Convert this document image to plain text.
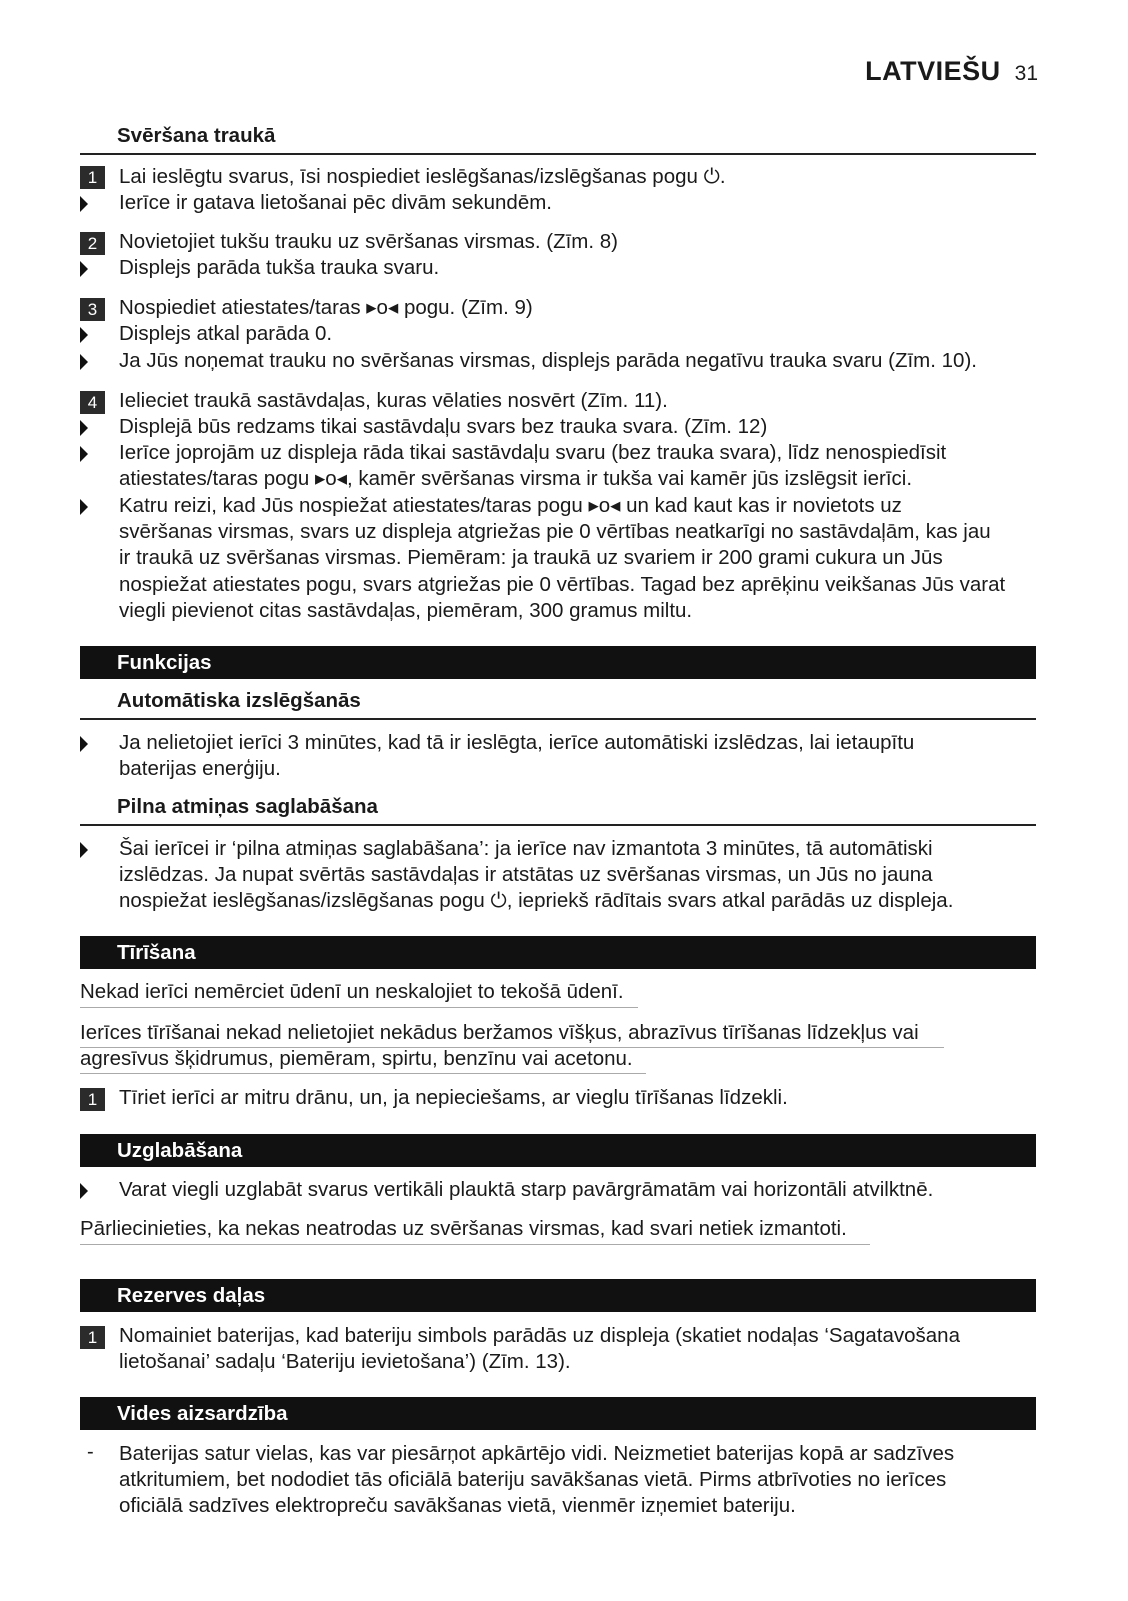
LATVIEŠU 31
Svēršana traukā
1	Lai ieslēgtu svarus, īsi nospiediet ieslēgšanas/izslēgšanas pogu ⏻.
Ierīce ir gatava lietošanai pēc divām sekundēm.
2	Novietojiet tukšu trauku uz svēršanas virsmas. (Zīm. 8)
Displejs parāda tukša trauka svaru.
3	Nospiediet atiestates/taras ▸o◂ pogu. (Zīm. 9)
Displejs atkal parāda 0.
Ja Jūs noņemat trauku no svēršanas virsmas, displejs parāda negatīvu trauka svaru (Zīm. 10).
4	Ielieciet traukā sastāvdaļas, kuras vēlaties nosvērt (Zīm. 11).
Displejā būs redzams tikai sastāvdaļu svars bez trauka svara. (Zīm. 12)
Ierīce joprojām uz displeja rāda tikai sastāvdaļu svaru (bez trauka svara), līdz nenospiedīsit
atiestates/taras pogu ▸o◂, kamēr svēršanas virsma ir tukša vai kamēr jūs izslēgsit ierīci.
Katru reizi, kad Jūs nospiežat atiestates/taras pogu ▸o◂ un kad kaut kas ir novietots uz
svēršanas virsmas, svars uz displeja atgriežas pie 0 vērtības neatkarīgi no sastāvdaļām, kas jau
ir traukā uz svēršanas virsmas. Piemēram: ja traukā uz svariem ir 200 grami cukura un Jūs
nospiežat atiestates pogu, svars atgriežas pie 0 vērtības. Tagad bez aprēķinu veikšanas Jūs varat
viegli pievienot citas sastāvdaļas, piemēram, 300 gramus miltu.
Funkcijas
Automātiska izslēgšanās
Ja nelietojiet ierīci 3 minūtes, kad tā ir ieslēgta, ierīce automātiski izslēdzas, lai ietaupītu
baterijas enerģiju.
Pilna atmiņas saglabāšana
Šai ierīcei ir ‘pilna atmiņas saglabāšana’: ja ierīce nav izmantota 3 minūtes, tā automātiski
izslēdzas. Ja nupat svērtās sastāvdaļas ir atstātas uz svēršanas virsmas, un Jūs no jauna
nospiežat ieslēgšanas/izslēgšanas pogu ⏻, iepriekš rādītais svars atkal parādās uz displeja.
Tīrīšana
Nekad ierīci nemērciet ūdenī un neskalojiet to tekošā ūdenī.
Ierīces tīrīšanai nekad nelietojiet nekādus beržamos vīšķus, abrazīvus tīrīšanas līdzekļus vai
agresīvus šķidrumus, piemēram, spirtu, benzīnu vai acetonu.
1	Tīriet ierīci ar mitru drānu, un, ja nepieciešams, ar vieglu tīrīšanas līdzekli.
Uzglabāšana
Varat viegli uzglabāt svarus vertikāli plauktā starp pavārgrāmatām vai horizontāli atvilktnē.
Pārliecinieties, ka nekas neatrodas uz svēršanas virsmas, kad svari netiek izmantoti.
Rezerves daļas
1	Nomainiet baterijas, kad bateriju simbols parādās uz displeja (skatiet nodaļas ‘Sagatavošana
lietošanai’ sadaļu ‘Bateriju ievietošana’) (Zīm. 13).
Vides aizsardzība
- Baterijas satur vielas, kas var piesārņot apkārtējo vidi. Neizmetiet baterijas kopā ar sadzīves
atkritumiem, bet nododiet tās oficiālā bateriju savākšanas vietā. Pirms atbrīvoties no ierīces
oficiālā sadzīves elektropreču savākšanas vietā, vienmēr izņemiet bateriju.
